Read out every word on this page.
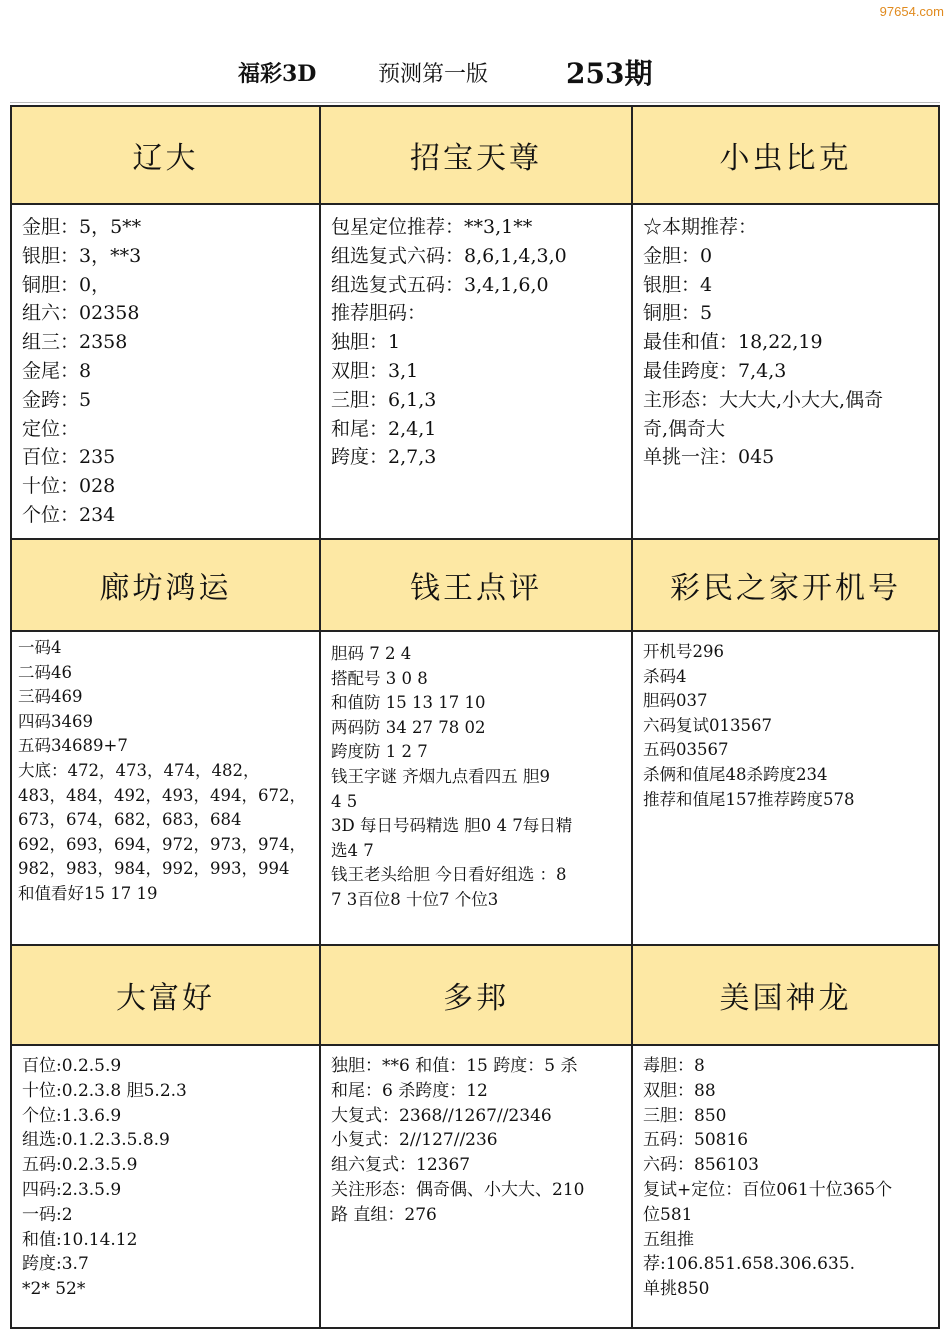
97654.com
福彩3D	预测第一版	253期
辽大
金胆：5，5**
银胆：3，**3
铜胆：0，
组六：02358
组三：2358
金尾：8
金跨：5
定位：
百位：235
十位：028
个位：234
招宝天尊
包星定位推荐：**3,1**
组选复式六码：8,6,1,4,3,0
组选复式五码：3,4,1,6,0
推荐胆码：
独胆：1
双胆：3,1
三胆：6,1,3
和尾：2,4,1
跨度：2,7,3
小虫比克
☆本期推荐：
金胆：0
银胆：4
铜胆：5
最佳和值：18,22,19
最佳跨度：7,4,3
主形态：大大大,小大大,偶奇
奇,偶奇大
单挑一注：045
廊坊鸿运
一码4
二码46
三码469
四码3469
五码34689+7
大底：472，473，474，482，
483，484，492，493，494，672，
673，674，682，683，684
692，693，694，972，973，974，
982，983，984，992，993，994
和值看好15 17 19
钱王点评
胆码 7 2 4
搭配号 3 0 8
和值防 15 13 17 10
两码防 34 27 78 02
跨度防 1 2 7
钱王字谜 齐烟九点看四五 胆9
4 5
3D 每日号码精选 胆0 4 7每日精
选4 7
钱王老头给胆 今日看好组选 ：8
7 3百位8 十位7 个位3
彩民之家开机号
开机号296
杀码4
胆码037
六码复试013567
五码03567
杀俩和值尾48杀跨度234
推荐和值尾157推荐跨度578
大富好
百位:0.2.5.9
十位:0.2.3.8 胆5.2.3
个位:1.3.6.9
组选:0.1.2.3.5.8.9
五码:0.2.3.5.9
四码:2.3.5.9
一码:2
和值:10.14.12
跨度:3.7
*2* 52*
多邦
独胆：**6 和值：15 跨度：5 杀
和尾：6 杀跨度：12
大复式：2368//1267//2346
小复式：2//127//236
组六复式：12367
关注形态：偶奇偶、小大大、210
路 直组：276
美国神龙
毒胆：8
双胆：88
三胆：850
五码：50816
六码：856103
复试+定位：百位061十位365个
位581
五组推
荐:106.851.658.306.635.
单挑850
